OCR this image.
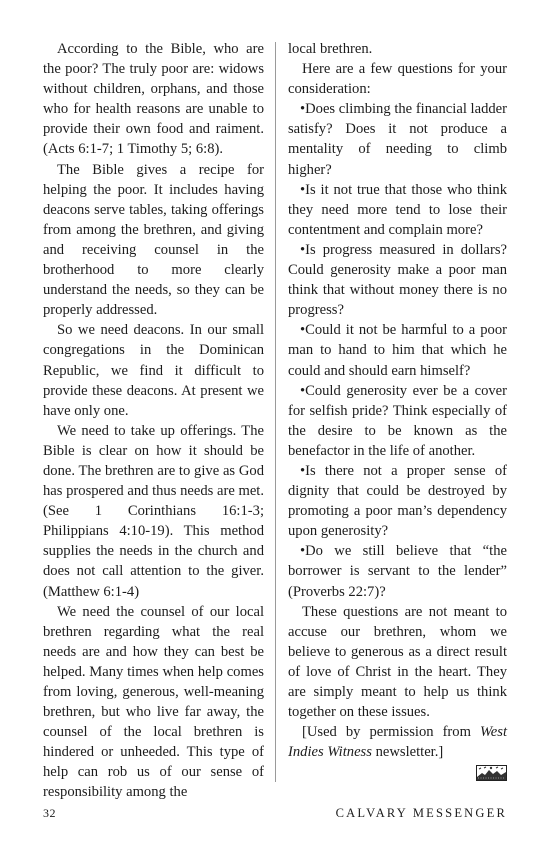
According to the Bible, who are the poor? The truly poor are: widows without children, orphans, and those who for health reasons are unable to provide their own food and raiment. (Acts 6:1-7; 1 Timothy 5; 6:8).

The Bible gives a recipe for helping the poor. It includes having deacons serve tables, taking offerings from among the brethren, and giving and receiving counsel in the brotherhood to more clearly understand the needs, so they can be properly addressed.

So we need deacons. In our small congregations in the Dominican Republic, we find it difficult to provide these deacons. At present we have only one.

We need to take up offerings. The Bible is clear on how it should be done. The brethren are to give as God has prospered and thus needs are met. (See 1 Corinthians 16:1-3; Philippians 4:10-19). This method supplies the needs in the church and does not call attention to the giver. (Matthew 6:1-4)

We need the counsel of our local brethren regarding what the real needs are and how they can best be helped. Many times when help comes from loving, generous, well-meaning brethren, but who live far away, the counsel of the local brethren is hindered or unheeded. This type of help can rob us of our sense of responsibility among the

local brethren.

Here are a few questions for your consideration:

•Does climbing the financial ladder satisfy? Does it not produce a mentality of needing to climb higher?

•Is it not true that those who think they need more tend to lose their contentment and complain more?

•Is progress measured in dollars? Could generosity make a poor man think that without money there is no progress?

•Could it not be harmful to a poor man to hand to him that which he could and should earn himself?

•Could generosity ever be a cover for selfish pride? Think especially of the desire to be known as the benefactor in the life of another.

•Is there not a proper sense of dignity that could be destroyed by promoting a poor man’s dependency upon generosity?

•Do we still believe that “the borrower is servant to the lender” (Proverbs 22:7)?

These questions are not meant to accuse our brethren, whom we believe to generous as a direct result of love of Christ in the heart. They are simply meant to help us think together on these issues.

[Used by permission from West Indies Witness newsletter.]

32	CALVARY MESSENGER
